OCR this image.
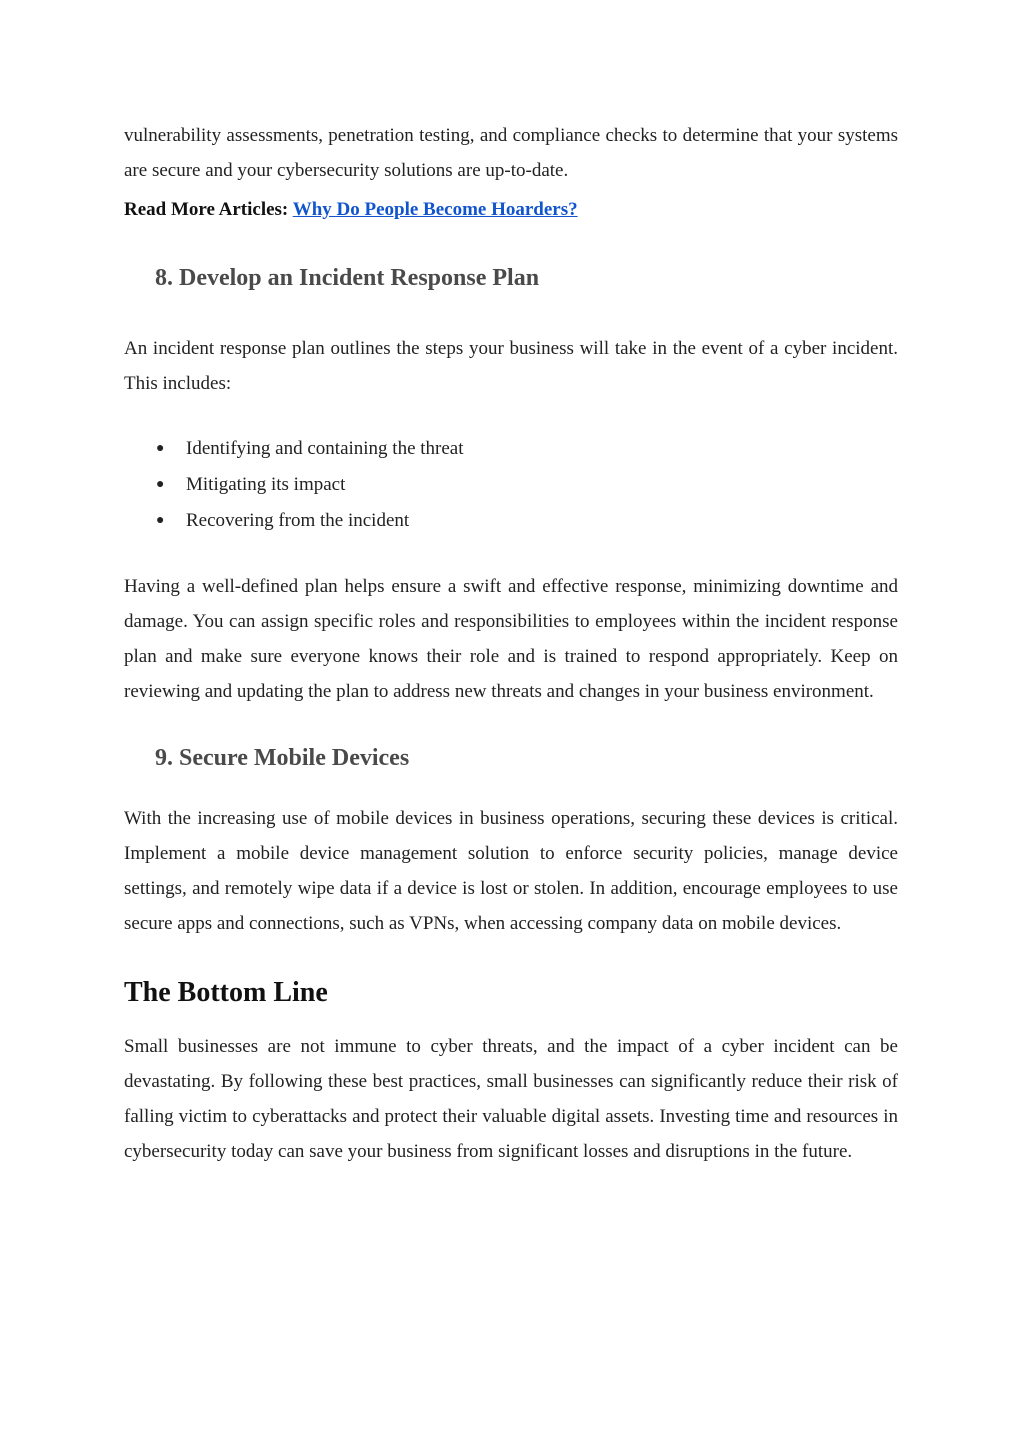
vulnerability assessments, penetration testing, and compliance checks to determine that your systems are secure and your cybersecurity solutions are up-to-date.

Read More Articles: Why Do People Become Hoarders?

8. Develop an Incident Response Plan

An incident response plan outlines the steps your business will take in the event of a cyber incident. This includes:

● Identifying and containing the threat
● Mitigating its impact
● Recovering from the incident

Having a well-defined plan helps ensure a swift and effective response, minimizing downtime and damage. You can assign specific roles and responsibilities to employees within the incident response plan and make sure everyone knows their role and is trained to respond appropriately. Keep on reviewing and updating the plan to address new threats and changes in your business environment.

9. Secure Mobile Devices

With the increasing use of mobile devices in business operations, securing these devices is critical. Implement a mobile device management solution to enforce security policies, manage device settings, and remotely wipe data if a device is lost or stolen. In addition, encourage employees to use secure apps and connections, such as VPNs, when accessing company data on mobile devices.

The Bottom Line

Small businesses are not immune to cyber threats, and the impact of a cyber incident can be devastating. By following these best practices, small businesses can significantly reduce their risk of falling victim to cyberattacks and protect their valuable digital assets. Investing time and resources in cybersecurity today can save your business from significant losses and disruptions in the future.
